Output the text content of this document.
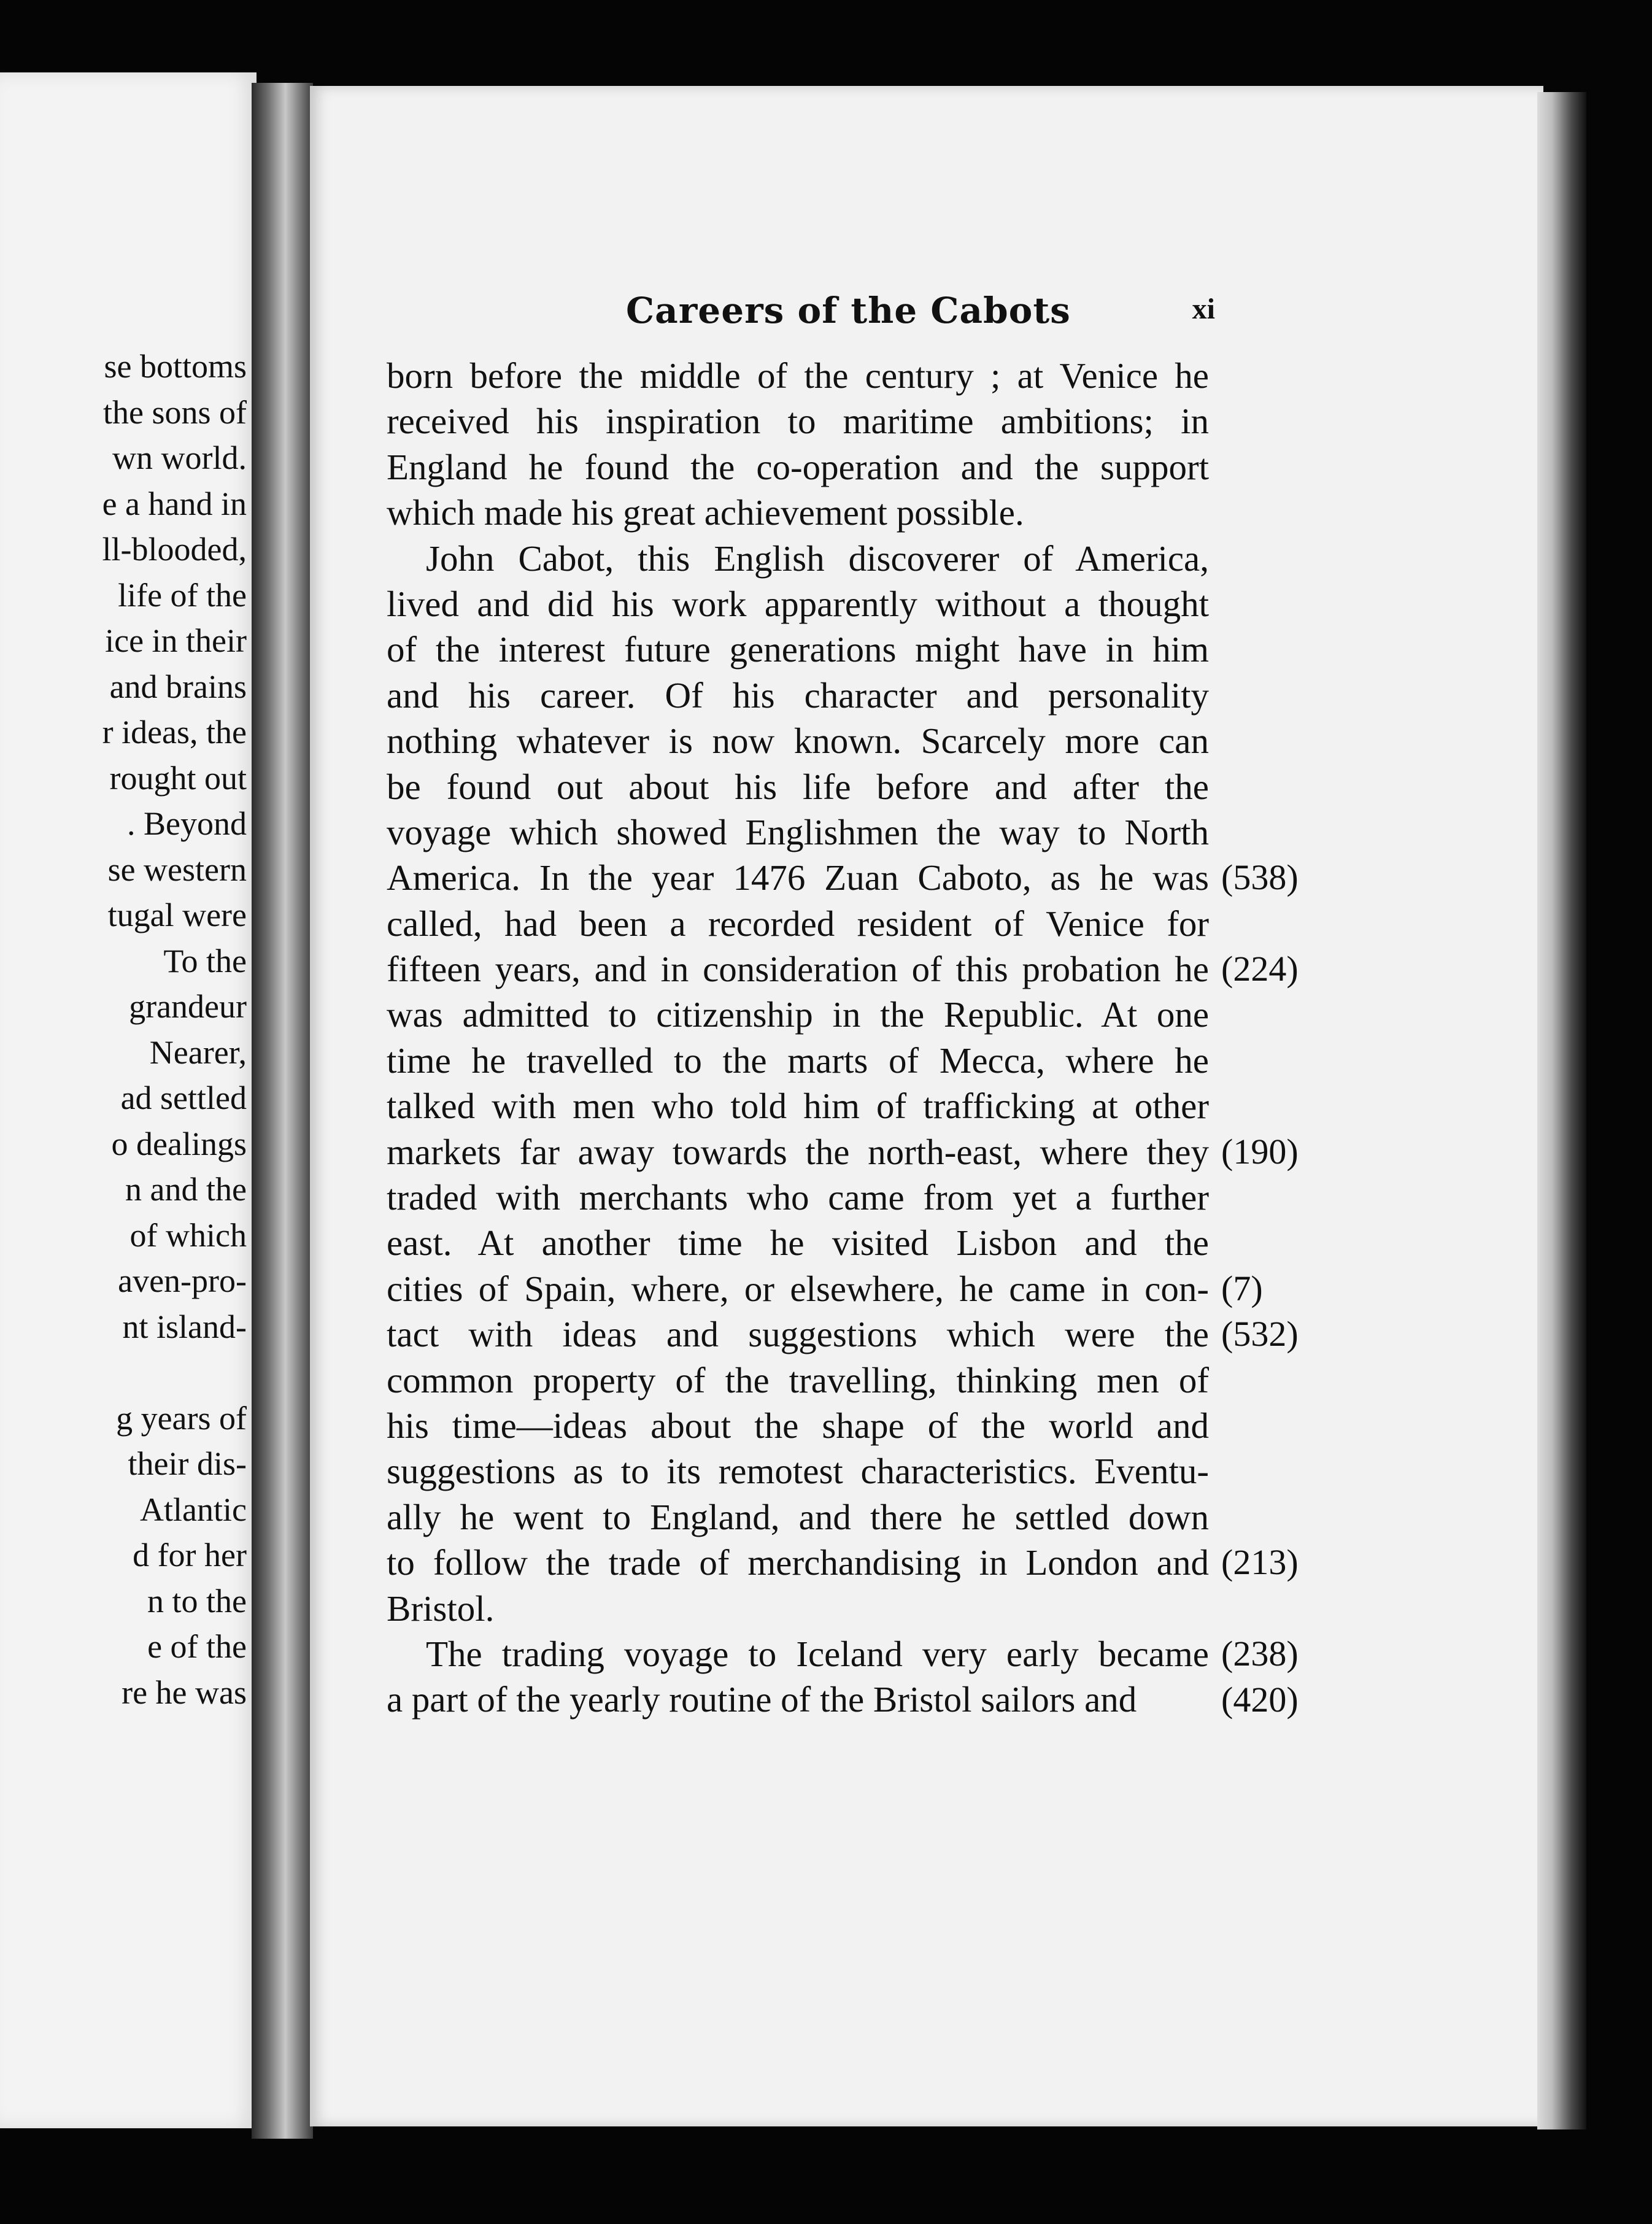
se bottoms
the sons of
wn world.
e a hand in
ll-blooded,
life of the
ice in their
and brains
r ideas, the
rought out
. Beyond
se western
tugal were
To the
grandeur
Nearer,
ad settled
o dealings
n and the
of which
aven-pro-
nt island-
g years of
their dis-
Atlantic
d for her
n to the
e of the
re he was
Careers of the Cabots	xi
born before the middle of the century ; at Venice he
received his inspiration to maritime ambitions; in
England he found the co-operation and the support
which made his great achievement possible.
John Cabot, this English discoverer of America,
lived and did his work apparently without a thought
of the interest future generations might have in him
and his career. Of his character and personality
nothing whatever is now known. Scarcely more can
be found out about his life before and after the
voyage which showed Englishmen the way to North
America. In the year 1476 Zuan Caboto, as he was
called, had been a recorded resident of Venice for
fifteen years, and in consideration of this probation he
was admitted to citizenship in the Republic. At one
time he travelled to the marts of Mecca, where he
talked with men who told him of trafficking at other
markets far away towards the north-east, where they
traded with merchants who came from yet a further
east. At another time he visited Lisbon and the
cities of Spain, where, or elsewhere, he came in con-
tact with ideas and suggestions which were the
common property of the travelling, thinking men of
his time—ideas about the shape of the world and
suggestions as to its remotest characteristics. Eventu-
ally he went to England, and there he settled down
to follow the trade of merchandising in London and
Bristol.
The trading voyage to Iceland very early became
a part of the yearly routine of the Bristol sailors and
(538)
(224)
(190)
(7)
(532)
(213)
(238)
(420)
